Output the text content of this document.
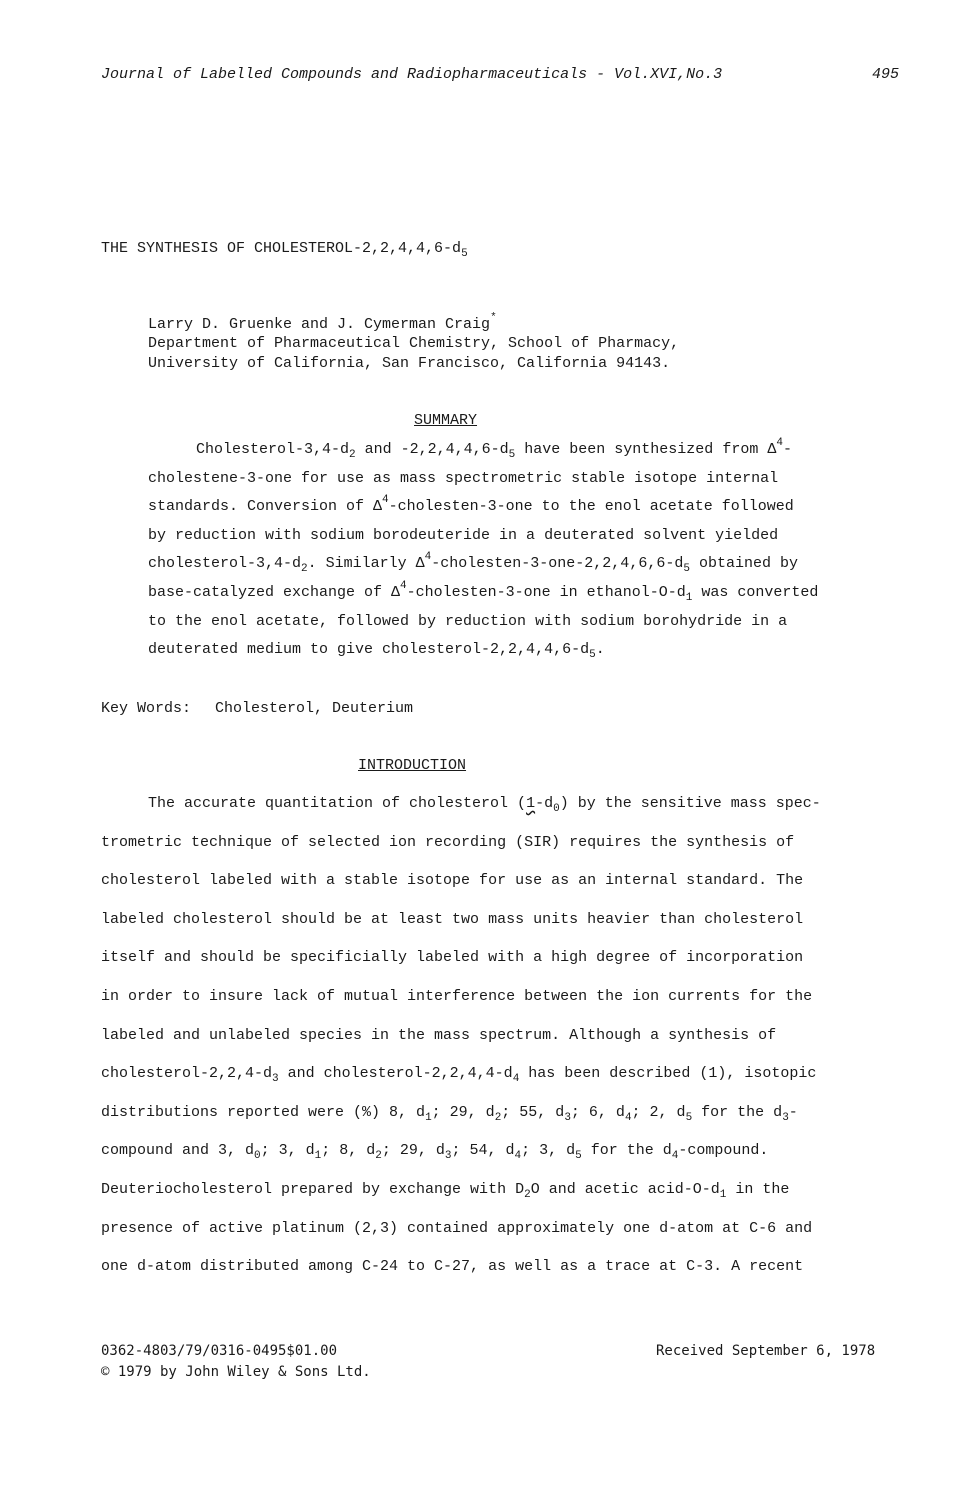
Journal of Labelled Compounds and Radiopharmaceuticals - Vol.XVI,No.3	495
THE SYNTHESIS OF CHOLESTEROL-$2,2,4,4,6-d_5$
Larry D. Gruenke and J. Cymerman Craig*
Department of Pharmaceutical Chemistry, School of Pharmacy,
University of California, San Francisco, California 94143.
SUMMARY
Cholesterol-$3,4-d_2$ and $-2,2,4,4,6-d_5$ have been synthesized from $\Delta^4-$
cholestene-3-one for use as mass spectrometric stable isotope internal
standards. Conversion of $\Delta^4-cholesten-3$-one to the enol acetate followed
by reduction with sodium borodeuteride in a deuterated solvent yielded
cholesterol-$3,4-d_2$. Similarly $\Delta^4-cholesten-3-one-2,2,4,6,6-d_5$ obtained by
base-catalyzed exchange of $\Delta^4-cholesten-3$-one in ethanol-$O-d_1$ was converted
to the enol acetate, followed by reduction with sodium borohydride in a
deuterated medium to give cholesterol-$2,2,4,4,6-d_5$.
Key Words: Cholesterol, Deuterium
INTRODUCTION
The accurate quantitation of cholesterol $(1-d_0)$ by the sensitive mass spec-
trometric technique of selected ion recording (SIR) requires the synthesis of
cholesterol labeled with a stable isotope for use as an internal standard. The
labeled cholesterol should be at least two mass units heavier than cholesterol
itself and should be specificially labeled with a high degree of incorporation
in order to insure lack of mutual interference between the ion currents for the
labeled and unlabeled species in the mass spectrum. Although a synthesis of
cholesterol-$2,2,4-d_3$ and cholesterol-$2,2,4,4-d_4$ has been described (1), isotopic
distributions reported were (%) 8, $d_1$; 29, $d_2$; 55, $d_3$; 6, $d_4$; 2, $d_5$ for the $d_3-$
compound and 3, $d_0$; 3, $d_1$; 8, $d_2$; 29, $d_3$; 54, $d_4$; 3, $d_5$ for the $d_4$-compound.
Deuteriocholesterol prepared by exchange with $D_2O$ and acetic acid-$O-d_1$ in the
presence of active platinum (2,3) contained approximately one d-atom at C-6 and
one d-atom distributed among C-24 to C-27, as well as a trace at C-3. A recent
0362-4803/79/0316-0495$01.00
© 1979 by John Wiley & Sons Ltd.
Received September 6, 1978
